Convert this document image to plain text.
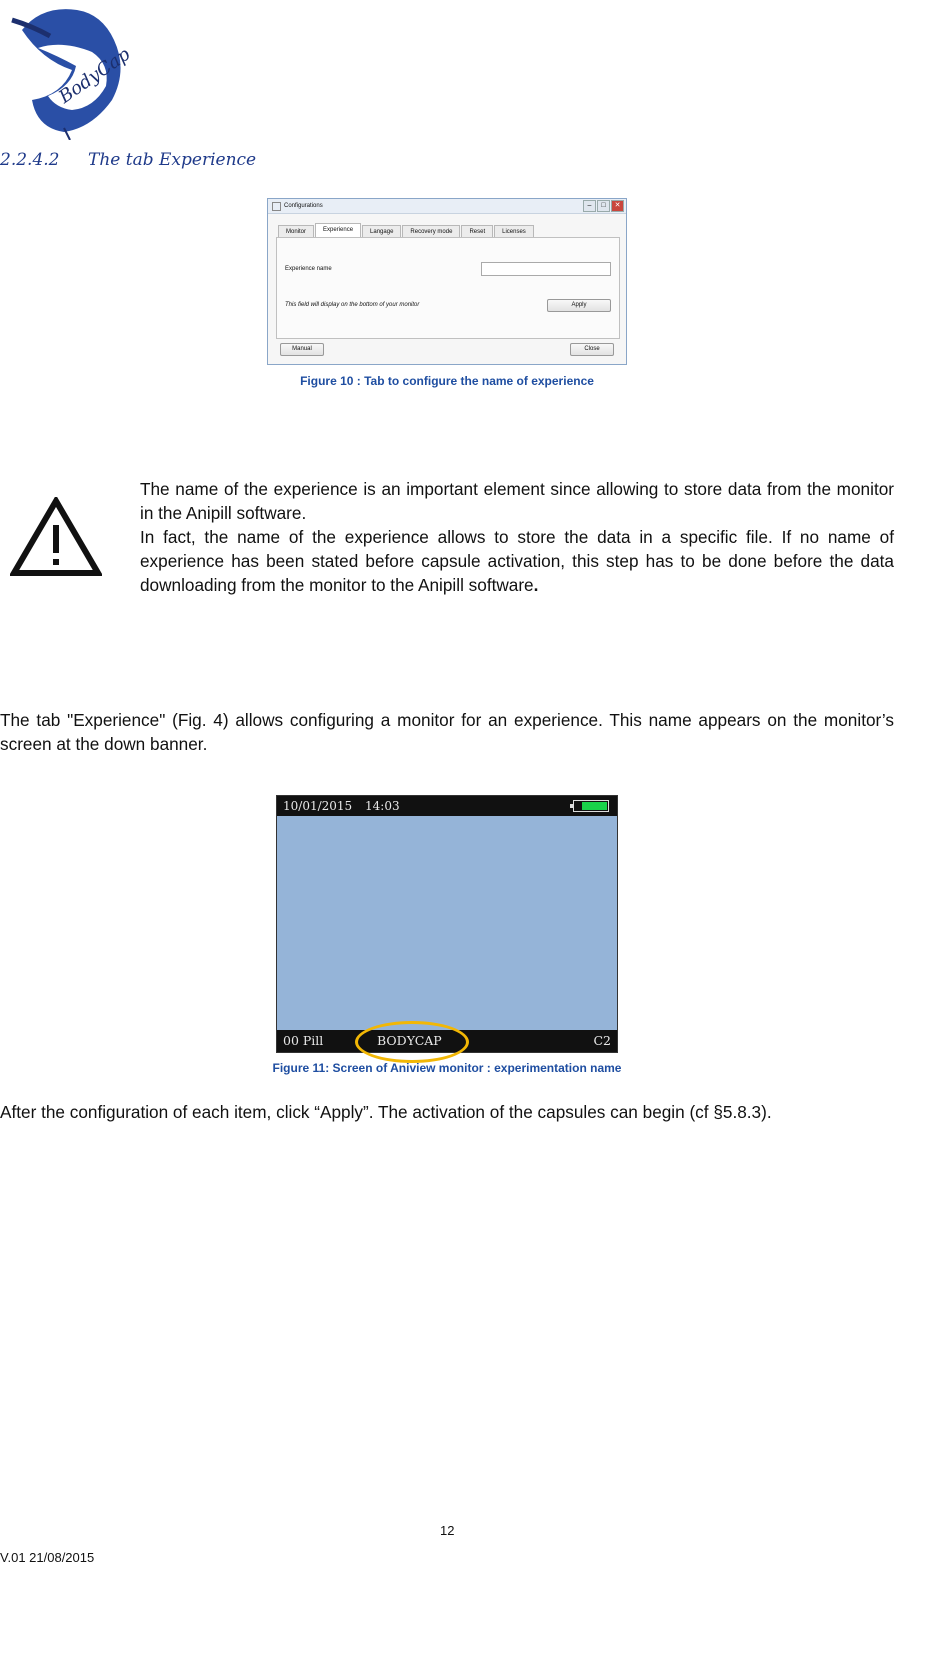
BodyCap
2.2.4.2 The tab Experience
Configurations	–	□	✕
Monitor	Experience	Langage	Recovery mode	Reset	Licenses
Experience name
This field will display on the bottom of your monitor	Apply
Manual	Close
Figure 10 : Tab to configure the name of experience

The name of the experience is an important element since allowing to store data from the monitor in the Anipill software.

In fact, the name of the experience allows to store the data in a specific file. If no name of experience has been stated before capsule activation, this step has to be done before the data downloading from the monitor to the Anipill software.

The tab "Experience" (Fig. 4) allows configuring a monitor for an experience. This name appears on the monitor’s screen at the down banner.
10/01/2015 14:03
00 Pill	BODYCAP	C2
Figure 11: Screen of Aniview monitor : experimentation name
After the configuration of each item, click “Apply”. The activation of the capsules can begin (cf §5.8.3).
12
V.01 21/08/2015
